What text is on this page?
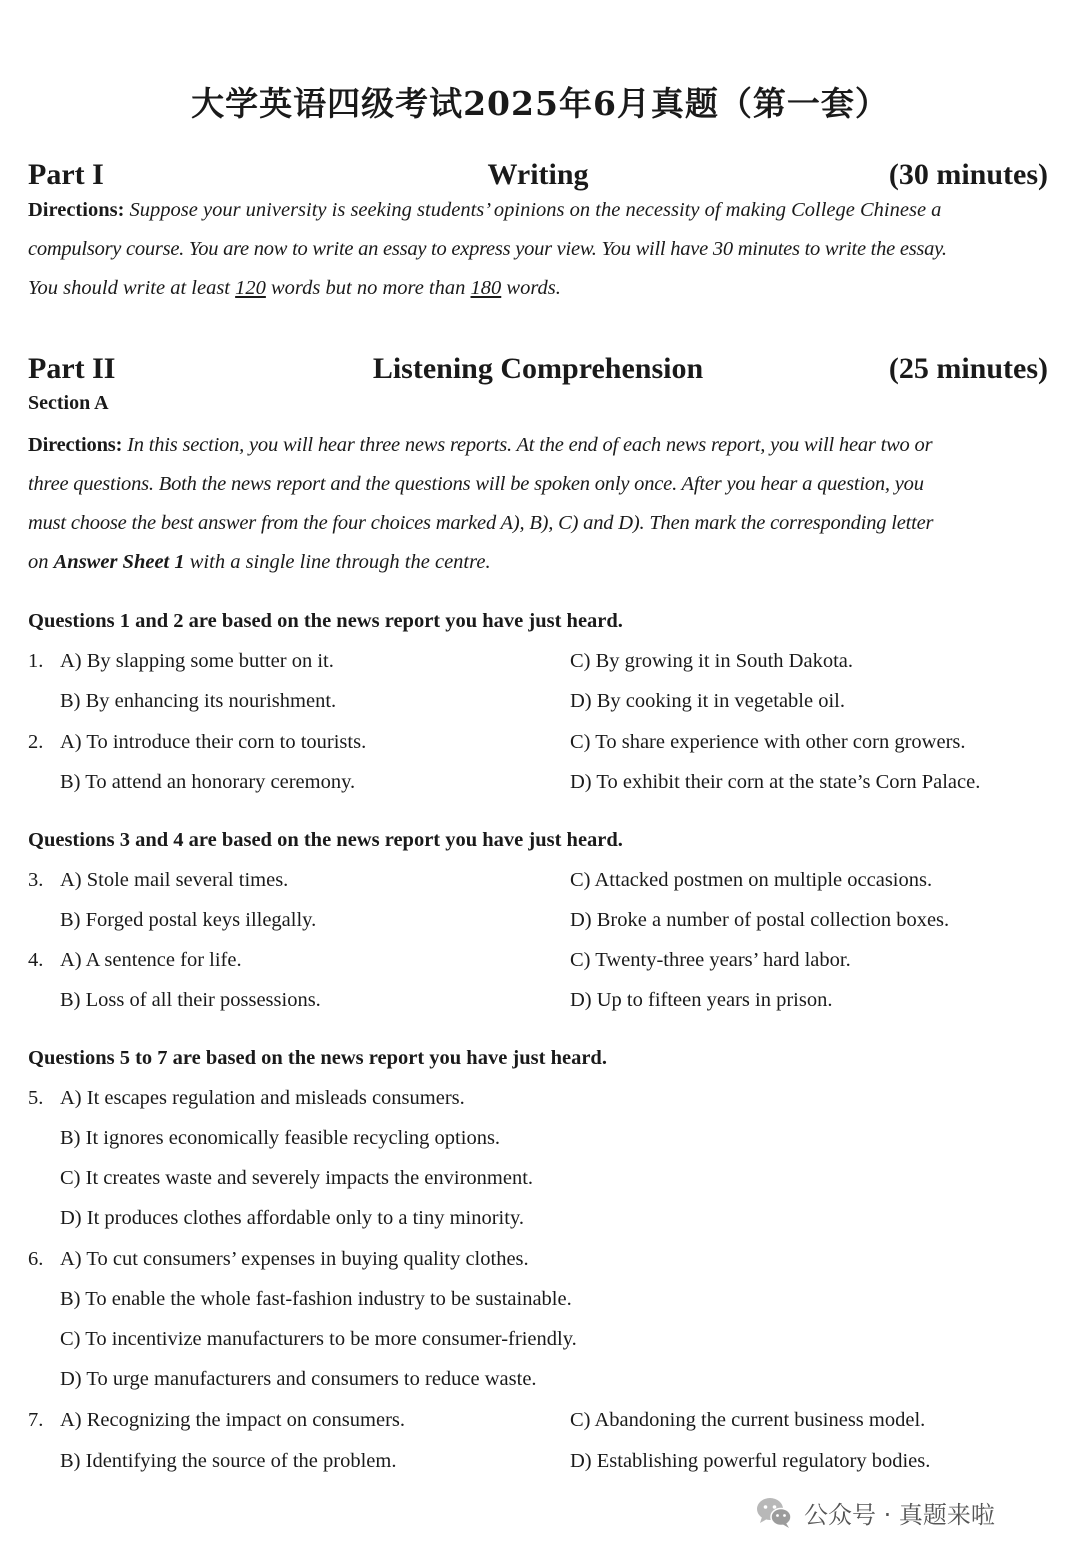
大学英语四级考试2025年6月真题（第一套）
Part I	Writing	(30 minutes)
Directions: Suppose your university is seeking students’ opinions on the necessity of making College Chinese a
compulsory course. You are now to write an essay to express your view. You will have 30 minutes to write the essay.
You should write at least 120 words but no more than 180 words.
Part II	Listening Comprehension	(25 minutes)
Section A
Directions: In this section, you will hear three news reports. At the end of each news report, you will hear two or
three questions. Both the news report and the questions will be spoken only once. After you hear a question, you
must choose the best answer from the four choices marked A), B), C) and D). Then mark the corresponding letter
on Answer Sheet 1 with a single line through the centre.
Questions 1 and 2 are based on the news report you have just heard.
1. A) By slapping some butter on it.	C) By growing it in South Dakota.
B) By enhancing its nourishment.	D) By cooking it in vegetable oil.
2. A) To introduce their corn to tourists.	C) To share experience with other corn growers.
B) To attend an honorary ceremony.	D) To exhibit their corn at the state’s Corn Palace.
Questions 3 and 4 are based on the news report you have just heard.
3. A) Stole mail several times.	C) Attacked postmen on multiple occasions.
B) Forged postal keys illegally.	D) Broke a number of postal collection boxes.
4. A) A sentence for life.	C) Twenty-three years’ hard labor.
B) Loss of all their possessions.	D) Up to fifteen years in prison.
Questions 5 to 7 are based on the news report you have just heard.
5. A) It escapes regulation and misleads consumers.
B) It ignores economically feasible recycling options.
C) It creates waste and severely impacts the environment.
D) It produces clothes affordable only to a tiny minority.
6. A) To cut consumers’ expenses in buying quality clothes.
B) To enable the whole fast-fashion industry to be sustainable.
C) To incentivize manufacturers to be more consumer-friendly.
D) To urge manufacturers and consumers to reduce waste.
7. A) Recognizing the impact on consumers.	C) Abandoning the current business model.
B) Identifying the source of the problem.	D) Establishing powerful regulatory bodies.
公众号 · 真题来啦
